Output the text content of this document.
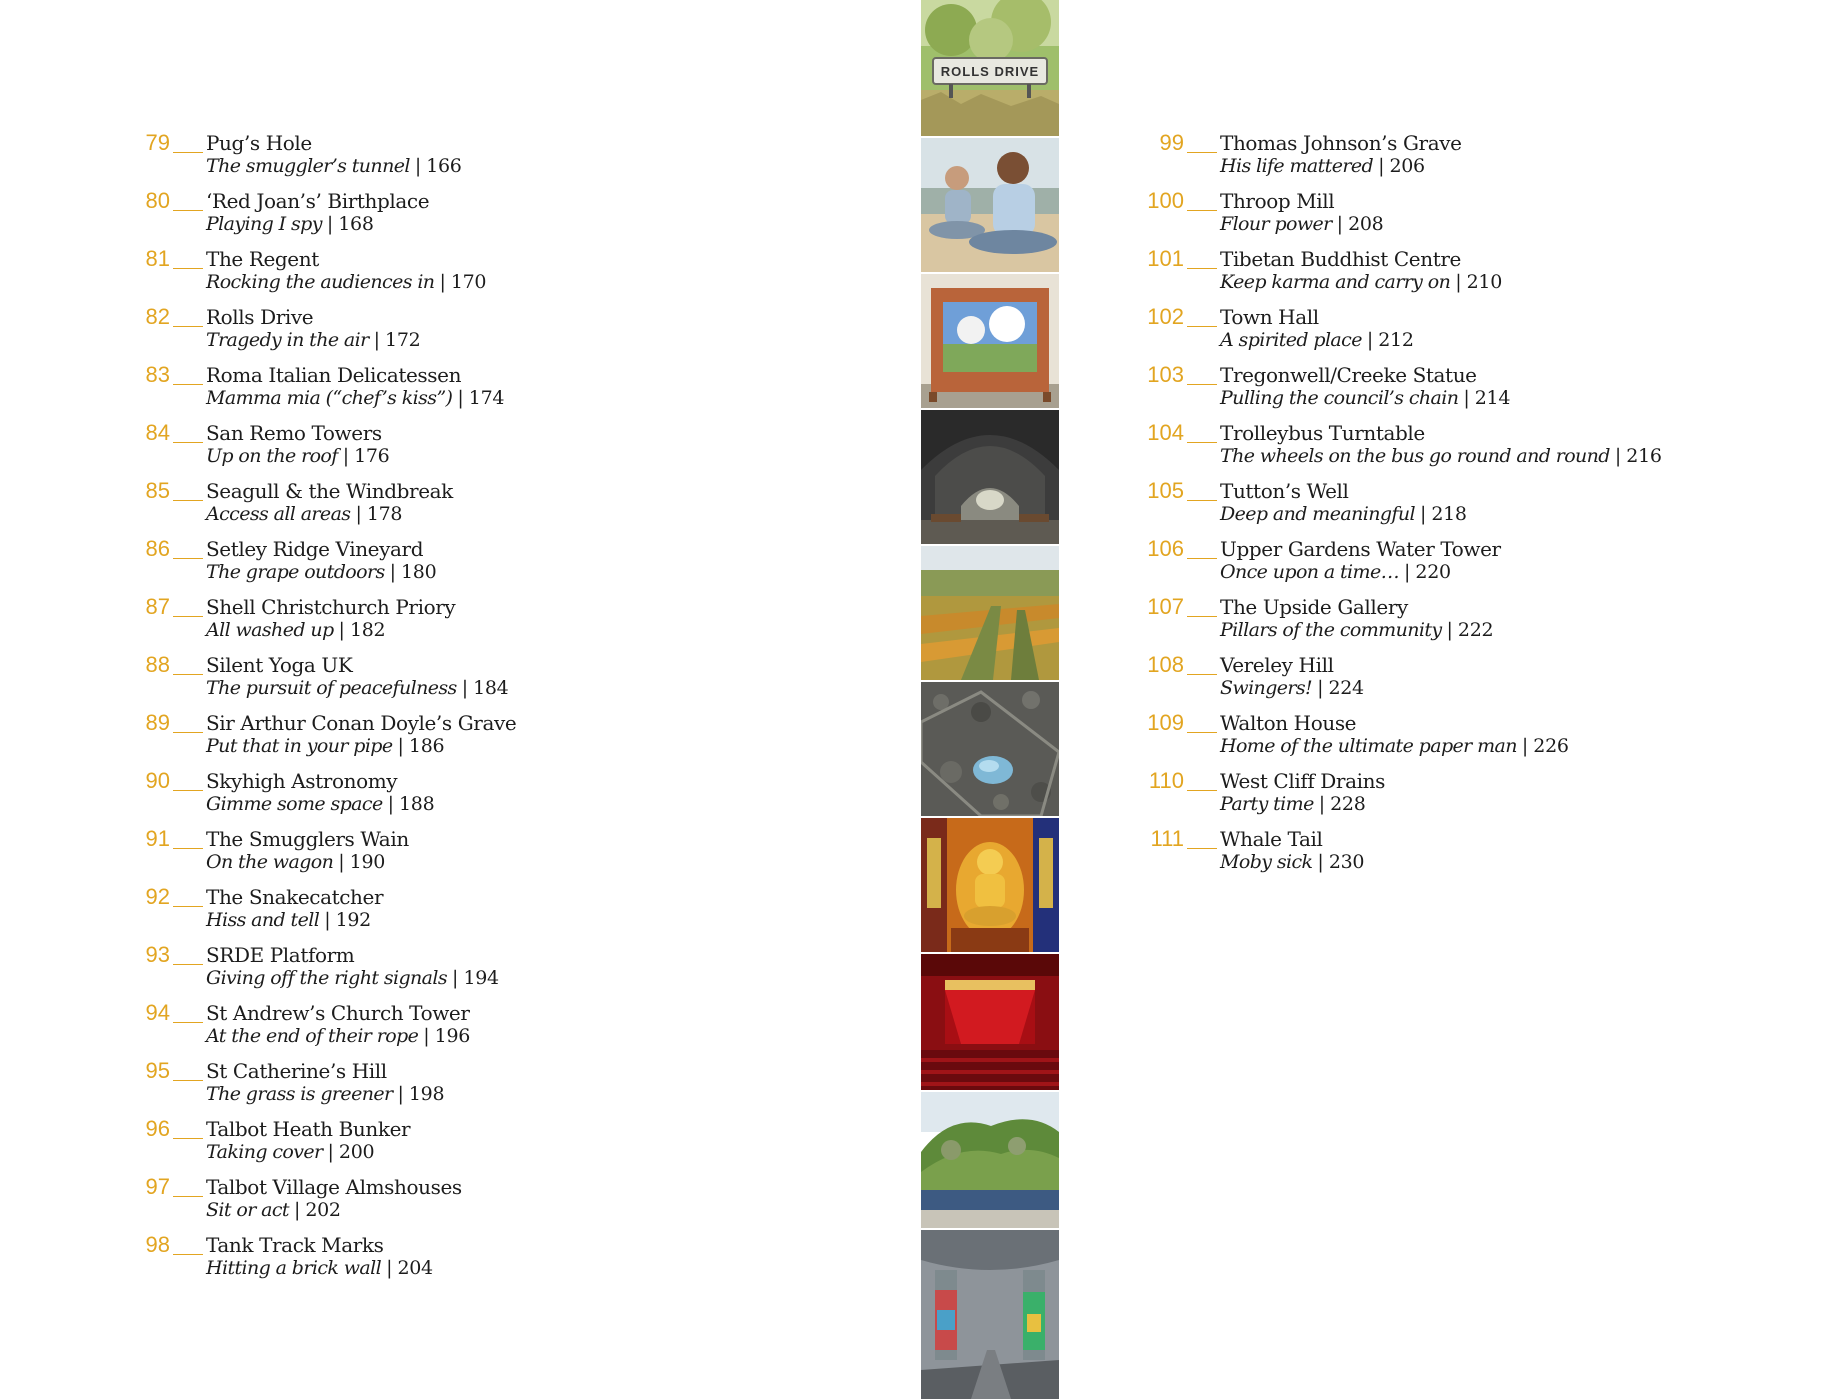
79 Pug’s Hole
The smuggler’s tunnel | 166
80 ‘Red Joan’s’ Birthplace
Playing I spy | 168
81 The Regent
Rocking the audiences in | 170
82 Rolls Drive
Tragedy in the air | 172
83 Roma Italian Delicatessen
Mamma mia (“chef’s kiss”) | 174
84 San Remo Towers
Up on the roof | 176
85 Seagull & the Windbreak
Access all areas | 178
86 Setley Ridge Vineyard
The grape outdoors | 180
87 Shell Christchurch Priory
All washed up | 182
88 Silent Yoga UK
The pursuit of peacefulness | 184
89 Sir Arthur Conan Doyle’s Grave
Put that in your pipe | 186
90 Skyhigh Astronomy
Gimme some space | 188
91 The Smugglers Wain
On the wagon | 190
92 The Snakecatcher
Hiss and tell | 192
93 SRDE Platform
Giving off the right signals | 194
94 St Andrew’s Church Tower
At the end of their rope | 196
95 St Catherine’s Hill
The grass is greener | 198
96 Talbot Heath Bunker
Taking cover | 200
97 Talbot Village Almshouses
Sit or act | 202
98 Tank Track Marks
Hitting a brick wall | 204
99 Thomas Johnson’s Grave
His life mattered | 206
100 Throop Mill
Flour power | 208
101 Tibetan Buddhist Centre
Keep karma and carry on | 210
102 Town Hall
A spirited place | 212
103 Tregonwell/Creeke Statue
Pulling the council’s chain | 214
104 Trolleybus Turntable
The wheels on the bus go round and round | 216
105 Tutton’s Well
Deep and meaningful | 218
106 Upper Gardens Water Tower
Once upon a time… | 220
107 The Upside Gallery
Pillars of the community | 222
108 Vereley Hill
Swingers! | 224
109 Walton House
Home of the ultimate paper man | 226
110 West Cliff Drains
Party time | 228
111 Whale Tail
Moby sick | 230
ROLLS DRIVE
